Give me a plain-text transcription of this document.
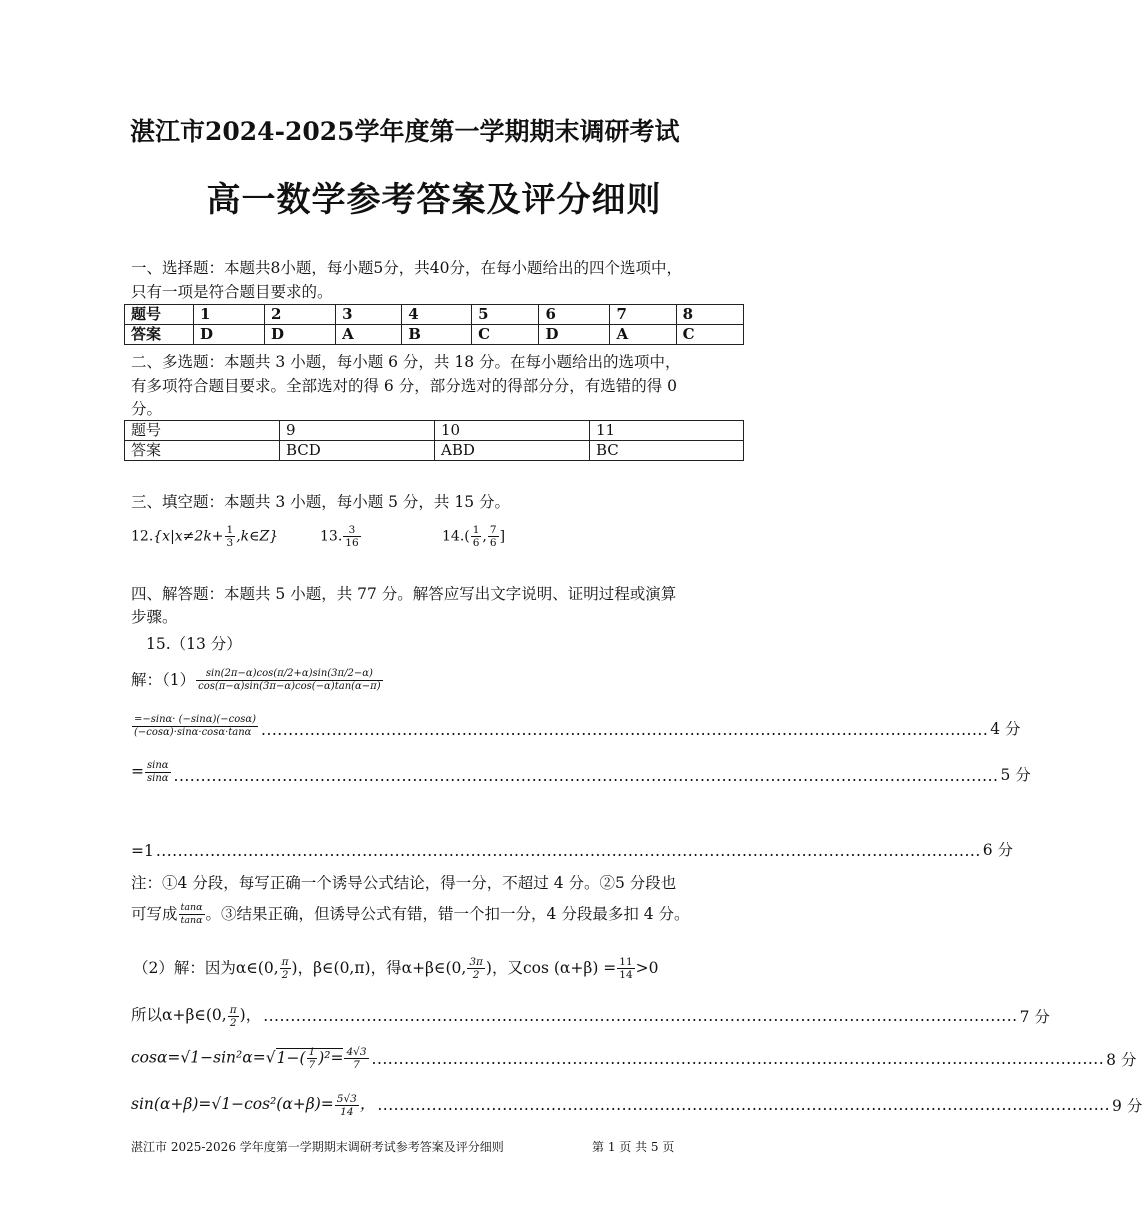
湛江市2024-2025学年度第一学期期末调研考试
高一数学参考答案及评分细则
一、选择题：本题共8小题，每小题5分，共40分，在每小题给出的四个选项中，
只有一项是符合题目要求的。
题号	1	2	3	4	5	6	7	8
答案	D	D	A	B	C	D	A	C
二、多选题：本题共 3 小题，每小题 6 分，共 18 分。在每小题给出的选项中，
有多项符合题目要求。全部选对的得 6 分，部分选对的得部分分，有选错的得 0
分。
题号	9	10	11
答案	BCD	ABD	BC
三、填空题：本题共 3 小题，每小题 5 分，共 15 分。
$12.\{x|x\ne 2k+ \frac{1}{3}$ ,k∈Z}	13. $\frac{3}{16}$	$14.( \frac{1}{6}$ , $\frac{7}{6}$ ]
四、解答题：本题共 5 小题，共 77 分。解答应写出文字说明、证明过程或演算
步骤。
15.（13 分）
解：$(1) \frac{\sin(2\pi-\alpha)\cos(\pi/2+\alpha)\sin(3\pi/2-\alpha)}{\cos(\pi-\alpha)\sin(3\pi-\alpha)\cos(-\alpha)\tan(\alpha-\pi)}$
$\frac{=-\sin\alpha\cdot (-\sin\alpha)(-\cos\alpha)}{(-\cos\alpha)\cdot\sin\alpha\cdot\cos\alpha\cdot\tan\alpha}$ ...................................................................................................................................... 4 分
= $\frac{\sin\alpha}{\sin\alpha}$ ........................................................................................................................................................ 5 分
=1 ........................................................................................................................................................ 6 分
注：①4 分段，每写正确一个诱导公式结论，得一分，不超过 4 分。②5 分段也
可写成 $\frac{\tan\alpha}{\tan\alpha}$ 。③结果正确，但诱导公式有错，错一个扣一分，4 分段最多扣 4 分。
（2）解：因为α∈(0, $\frac{\pi}{2}$ )，β∈(0,π)，得α+β∈(0, $\frac{3\pi}{2}$ )，又$\cos (\alpha+\beta) = \frac{11}{14} >0$
所以α+β∈(0, $\frac{\pi}{2}$ )， ........................................................................................................................................... 7 分
$\cos\alpha=√1-\sin^2\alpha=√1-( \frac{1}{7} )^2= \frac{4√3}{7}$ ....................................................................................................................................... 8 分
$\sin(\alpha+\beta)=√1-\cos^2(\alpha+\beta)= \frac{5√3}{14}$ ， ....................................................................................................................................... 9 分
湛江市 2025-2026 学年度第一学期期末调研考试参考答案及评分细则	第 1 页 共 5 页
